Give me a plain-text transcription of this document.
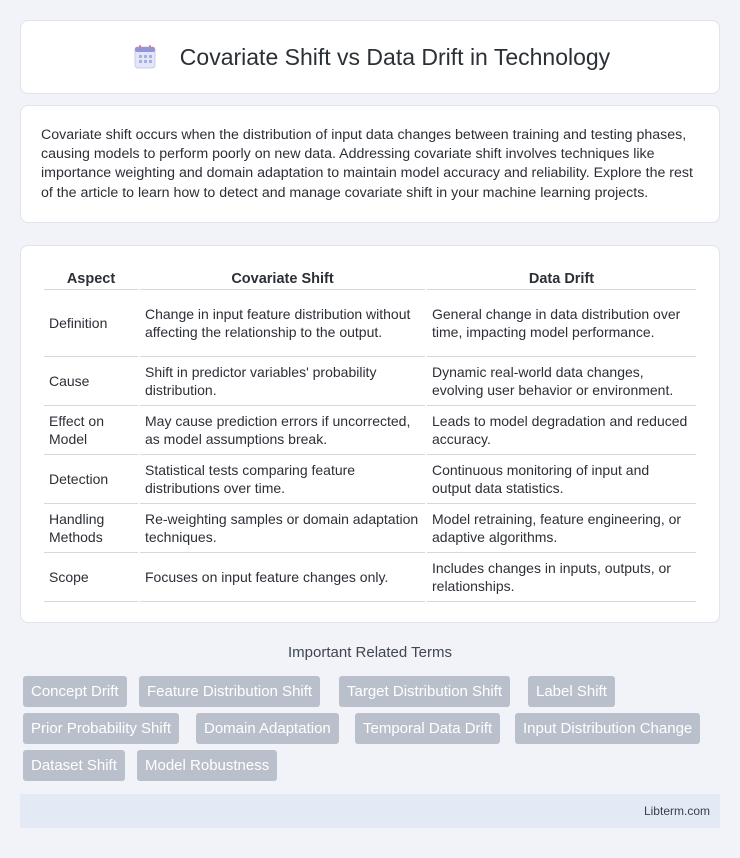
Covariate Shift vs Data Drift in Technology

Covariate shift occurs when the distribution of input data changes between training and testing phases, causing models to perform poorly on new data. Addressing covariate shift involves techniques like importance weighting and domain adaptation to maintain model accuracy and reliability. Explore the rest of the article to learn how to detect and manage covariate shift in your machine learning projects.

Aspect	Covariate Shift	Data Drift
Definition	Change in input feature distribution without affecting the relationship to the output.	General change in data distribution over time, impacting model performance.
Cause	Shift in predictor variables' probability distribution.	Dynamic real-world data changes, evolving user behavior or environment.
Effect on Model	May cause prediction errors if uncorrected, as model assumptions break.	Leads to model degradation and reduced accuracy.
Detection	Statistical tests comparing feature distributions over time.	Continuous monitoring of input and output data statistics.
Handling Methods	Re-weighting samples or domain adaptation techniques.	Model retraining, feature engineering, or adaptive algorithms.
Scope	Focuses on input feature changes only.	Includes changes in inputs, outputs, or relationships.
Important Related Terms
Concept Drift	Feature Distribution Shift	Target Distribution Shift	Label Shift
Prior Probability Shift	Domain Adaptation	Temporal Data Drift	Input Distribution Change
Dataset Shift	Model Robustness
Libterm.com
